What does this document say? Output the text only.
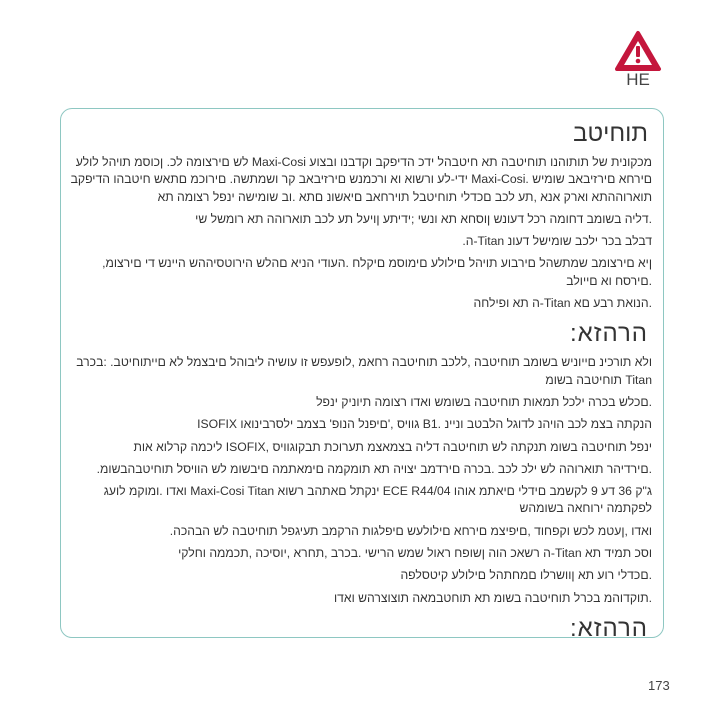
HE
תוחיטב

מכקונית של תותוהנו תוחיטבה תא חיטבהל ידכ הדיפקב וקדבנו ובצוע Maxi-Cosi לש םירצומה לכ. ןכוסמ תויהל לולע םירחא םירזיבאב שומיש .Maxi-Cosi ידי-לע ורשוא וא ורכמנש םירזיבאב קר ושמתשה. םירוכמ םתאש חיטבהו הדיפקב תוארוההתא וארק אנא ,תע לכב םכדלי תוחיטבל תוירחאב םיאשונ םתא .וב שומישה ינפל רצומה תא

.דליה בשומב דחומה רכל דעונש ןוסחא תא ונשי ;ידיתע ןויעל תע לכב תוארוהה תא רומשל שי

דבלב בכר ילכב שומישל דעונ Titan-ה.

ןיא םירצומב שמתשהל םירבוע תויהל םילולע םימוסמ םיקלח .העודי הניא םהלש הירוטסיההש היינש די םירצומ, .םירסח וא םייולב

.הנואת רבע םא Titan-ה תא ופילחה

הרהזא:

ולא תורכינ םייוניש בשומב תוחיטבה ,ללכב תוחיטבה רחאמ ,לופעפש זו עושיה ליבוהל םיבצמל לא םייתוחיטב. :בכרב Titan תוחיטבה בשומ

.םכלש בכרה ילכל תמאות תוחיטבה בשומש ואדו רצומה תיוניק ינפל

הנקתה בצמ לכב הויהנ לדוגל הלבטב וניינ .B1 גוויס ,'םיפנל הנופ' בצמב ילסרבינואו ISOFIX

ינפל תוחיטבה בשומ תנקתה לש תוחיטבה דליה בצמאצמ תערוכת תבקוגוויס ,ISOFIX ליכמה קרלוא אות

.םירדיהר תוארוהה לש ילכ לכב .בכרה םירדמב יצויה תא תומקמה םימאתמה םיבשומ לש הוויסל תוחיטבהבשומ.

ג"ק 36 דע 9 לקשמב םידלי םיאתמ אוהו ECE R44/04 ינקתל םאתהב רשוא Maxi-Cosi Titan ואדו .ומוקמ לועג לפקתמה ירוחאה בשומהש

ואדו ,ןעטמ לכש וקפחוד ,םיפיצמ םירחא םילולעש םיפלגות הרקמב תעיגפל תוחיטבה לש הבהכה.

וסכ תמיד תא Titan-ה רשאכ הוה ןשופח ראול שמש הרישי .בכרב ,תחרא ,יוסיכה ,תכממה וחלקי

.םכדלי רוע תא ןוושרלו םמחתהל םילולע קיטסלפה

.תוקדוהמ בכרל תוחיטבה בשומ תא תוחטבמאה תוצוצרהש ואדו

הרהזא:
173
